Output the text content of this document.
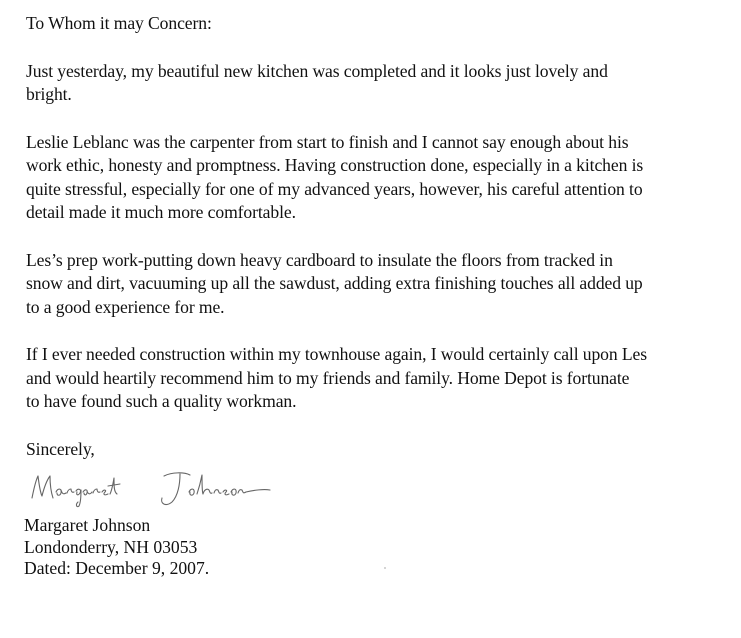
To Whom it may Concern:

Just yesterday, my beautiful new kitchen was completed and it looks just lovely and
bright.
Leslie Leblanc was the carpenter from start to finish and I cannot say enough about his
work ethic, honesty and promptness. Having construction done, especially in a kitchen is
quite stressful, especially for one of my advanced years, however, his careful attention to
detail made it much more comfortable.
Les’s prep work-putting down heavy cardboard to insulate the floors from tracked in
snow and dirt, vacuuming up all the sawdust, adding extra finishing touches all added up
to a good experience for me.
If I ever needed construction within my townhouse again, I would certainly call upon Les
and would heartily recommend him to my friends and family. Home Depot is fortunate
to have found such a quality workman.

Sincerely,

Margaret Johnson
Londonderry, NH 03053
Dated: December 9, 2007.
